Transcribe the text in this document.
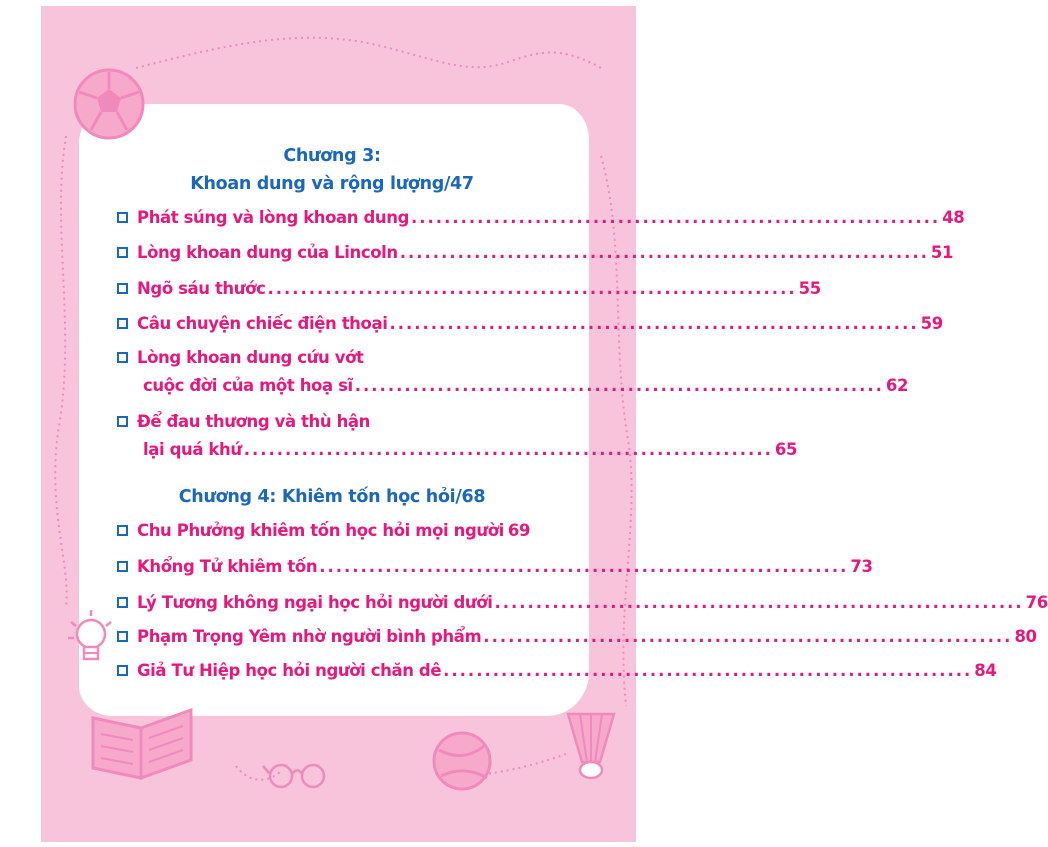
Chương 3:
Khoan dung và rộng lượng/47
Phát súng và lòng khoan dung ................................................................ 48
Lòng khoan dung của Lincoln ................................................................ 51
Ngõ sáu thước ................................................................ 55
Câu chuyện chiếc điện thoại ................................................................ 59
Lòng khoan dung cứu vớt
cuộc đời của một hoạ sĩ ................................................................ 62
Để đau thương và thù hận
lại quá khứ ................................................................ 65
Chương 4: Khiêm tốn học hỏi/68
Chu Phưởng khiêm tốn học hỏi mọi người 69
Khổng Tử khiêm tốn ................................................................ 73
Lý Tương không ngại học hỏi người dưới ................................................................ 76
Phạm Trọng Yêm nhờ người bình phẩm ................................................................ 80
Giả Tư Hiệp học hỏi người chăn dê ................................................................ 84
